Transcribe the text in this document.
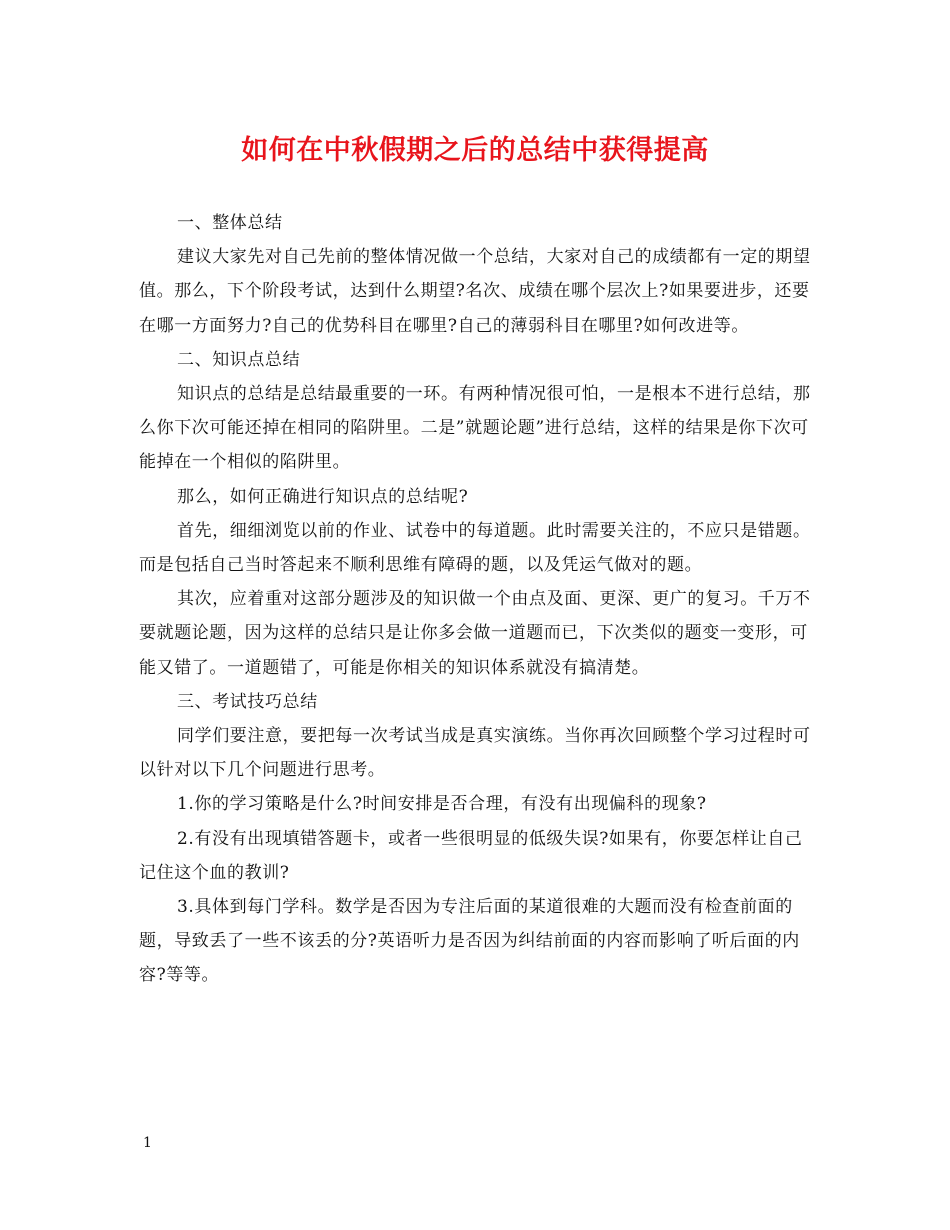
如何在中秋假期之后的总结中获得提高

一、整体总结

建议大家先对自己先前的整体情况做一个总结，大家对自己的成绩都有一定的期望值。那么，下个阶段考试，达到什么期望?名次、成绩在哪个层次上?如果要进步，还要在哪一方面努力?自己的优势科目在哪里?自己的薄弱科目在哪里?如何改进等。

二、知识点总结

知识点的总结是总结最重要的一环。有两种情况很可怕，一是根本不进行总结，那么你下次可能还掉在相同的陷阱里。二是”就题论题”进行总结，这样的结果是你下次可能掉在一个相似的陷阱里。

那么，如何正确进行知识点的总结呢?

首先，细细浏览以前的作业、试卷中的每道题。此时需要关注的，不应只是错题。而是包括自己当时答起来不顺利思维有障碍的题，以及凭运气做对的题。

其次，应着重对这部分题涉及的知识做一个由点及面、更深、更广的复习。千万不要就题论题，因为这样的总结只是让你多会做一道题而已，下次类似的题变一变形，可能又错了。一道题错了，可能是你相关的知识体系就没有搞清楚。

三、考试技巧总结

同学们要注意，要把每一次考试当成是真实演练。当你再次回顾整个学习过程时可以针对以下几个问题进行思考。

1.你的学习策略是什么?时间安排是否合理，有没有出现偏科的现象?

2.有没有出现填错答题卡，或者一些很明显的低级失误?如果有，你要怎样让自己记住这个血的教训?

3.具体到每门学科。数学是否因为专注后面的某道很难的大题而没有检查前面的题，导致丢了一些不该丢的分?英语听力是否因为纠结前面的内容而影响了听后面的内容?等等。

1
